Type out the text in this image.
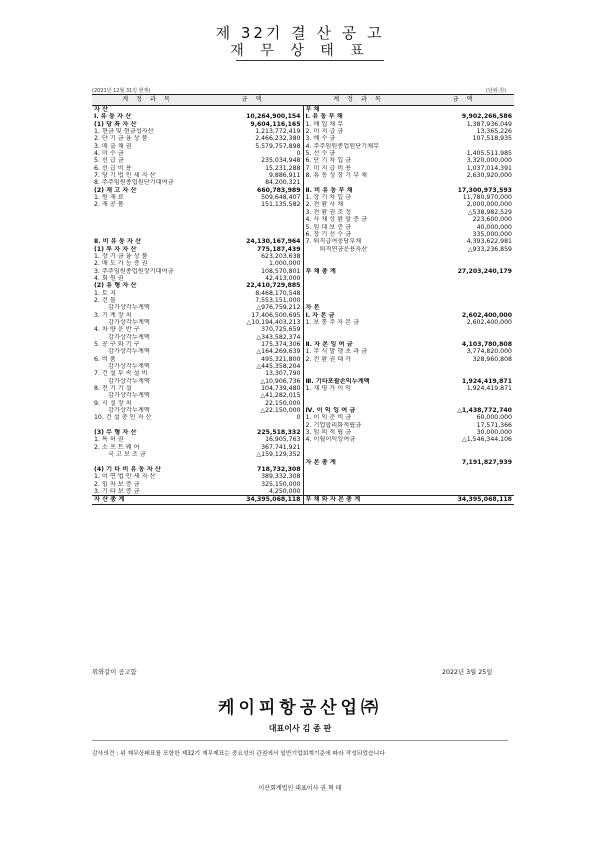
제 32기 결 산 공 고
재 무 상 태 표
(2021년 12월 31일 현재)	(단위:원)
계 정 과 목	금 액	계 정 과 목	금 액
자 산		부 채	
Ⅰ. 유 동 자 산	10,264,900,154	Ⅰ. 유 동 부 채	9,902,266,586
(1) 당 좌 자 산	9,604,116,165	1. 매 입 채 무	1,387,936,049
1. 현금 및 현금성자산	1,213,772,419	2. 미 지 급 금	13,365,226
2. 단 기 금 융 상 품	2,466,232,380	3. 예 수 금	107,518,935
3. 매 출 채 권	5,579,757,898	4. 주주임원종업원단기채무	
4. 미 수 금	0	5. 선 수 금	1,405,511,985
5. 선 급 금	235,034,948	6. 단 기 차 입 금	3,320,000,000
6. 선 급 비 용	15,231,288	7. 미 지 급 비 용	1,037,014,391
7. 당 기 법 인 세 자 산	9,886,911	8. 유 동 성 장 기 부 채	2,630,920,000
8. 주주임원종업원단기대여금	84,200,321		

(2) 재 고 자 산	660,783,989	Ⅱ. 비 유 동 부 채	17,300,973,593
1. 원 재 료	509,648,407	1. 장 기 차 입 금	11,780,970,000
2. 재 공 품	151,135,582	2. 전 환 사 채	2,000,000,000
		3. 전 환 권 조 정	△538,982,529
		4. 사 채 상 환 할 증 금	223,600,000
		5. 임 대 보 증 금	40,000,000
		6. 장 기 선 수 금	335,000,000
Ⅱ. 비 유 동 자 산	24,130,167,964	7. 퇴직급여충당부채	4,393,622,981
(1) 투 자 자 산	775,187,439	퇴직연금운용자산	△933,236,859
1. 장 기 금 융 상 품	623,203,638		
2. 매 도 가 능 증 권	1,000,000		
3. 주주임원종업원장기대여금	108,570,801	부 채 총 계	27,203,240,179
4. 회 원 권	42,413,000		

(2) 유 형 자 산	22,410,729,885		
1. 토 지	8,468,170,548		
2. 건 물	7,553,151,000		
감가상각누계액	△976,759,212	자 본	
3. 기 계 장 치	17,406,500,695	Ⅰ. 자 본 금	2,602,400,000
감가상각누계액	△10,194,403,213	1. 보 통 주 자 본 금	2,602,400,000
4. 차 량 운 반 구	370,725,659		
감가상각누계액	△343,582,374		
5. 공 구 와 기 구	175,374,306	Ⅱ. 자 본 잉 여 금	4,103,780,808
감가상각누계액	△164,269,639	1. 주 식 발 행 초 과 금	3,774,820,000
6. 비 품	495,321,800	2. 전 환 권 대 가	328,960,808
감가상각누계액	△445,358,204		
7. 건 설 부 속 설 비	13,307,790		
감가상각누계액	△10,906,736	Ⅲ. 기타포괄손익누계액	1,924,419,871
8. 전 기 기 설	104,739,480	1. 재 평 가 이 익	1,924,419,871
감가상각누계액	△41,282,015		
9. 시 설 장 치	22,150,000		
감가상각누계액	△22,150,000	Ⅳ. 이 익 잉 여 금	△1,438,772,740
10. 건 설 중 인 자 산	0	1. 이 익 준 비 금	60,000,000
		2. 기업합리화적립금	17,571,366
(3) 무 형 자 산	225,518,332	3. 임 의 적 립 금	30,000,000
1. 특 허 권	16,905,763	4. 이월이익잉여금	△1,546,344,106
2. 소 프 트 웨 어	367,741,921		
국 고 보 조 금	△159,129,352		
		자 본 총 계	7,191,827,939
(4) 기 타 비 유 동 자 산	718,732,308		
1. 이 연 법 인 세 자 산	389,332,308		
2. 임 차 보 증 금	325,150,000		
3. 기 타 보 증 금	4,250,000		
자 산 총 계	34,395,068,118	부 채 와 자 본 총 계	34,395,068,118
위와같이 공고함	2022년 3월 25일
케이피항공산업㈜
대표이사 김 종 판
감사의견 : 위 재무상태표를 포함한 제32기 재무제표는 중요성의 관점에서 일반기업회계기준에 따라 작성되었습니다
이산회계법인 대표이사 권 혁 태
